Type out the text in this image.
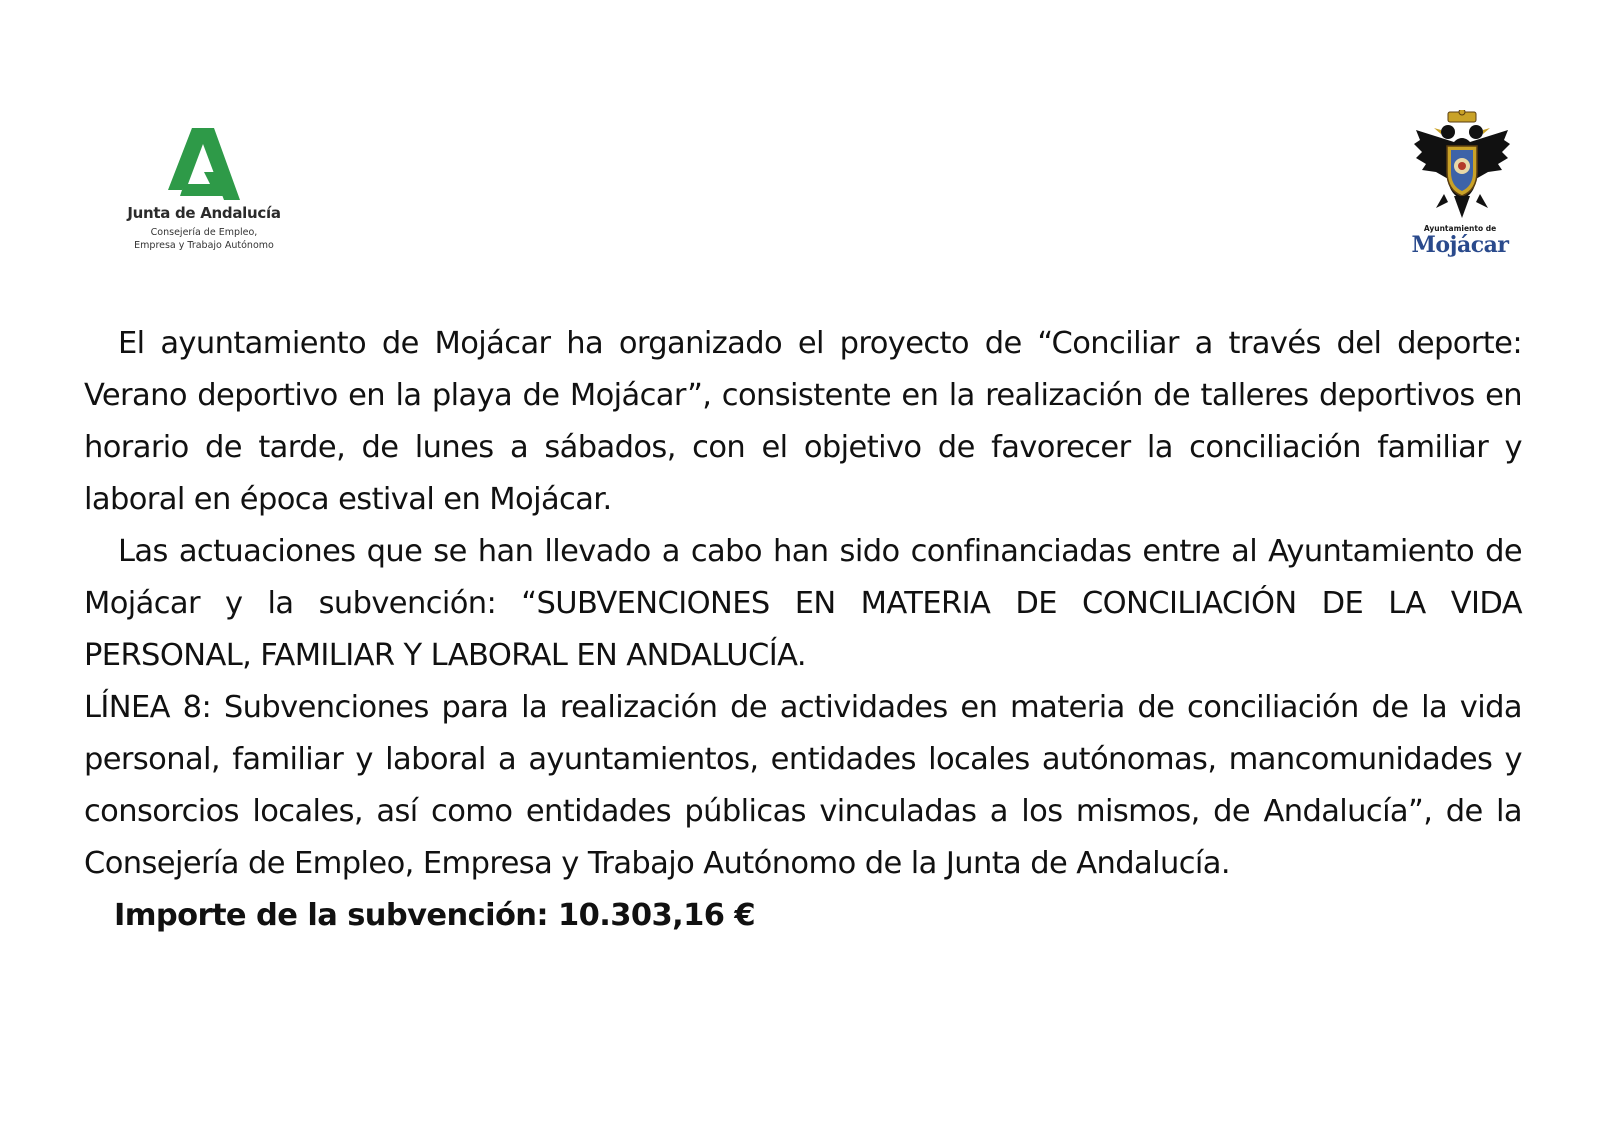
Junta de Andalucía
Consejería de Empleo,
Empresa y Trabajo Autónomo
Ayuntamiento de
Mojácar

El ayuntamiento de Mojácar ha organizado el proyecto de “Conciliar a través del deporte: Verano deportivo en la playa de Mojácar”, consistente en la realización de talleres deportivos en horario de tarde, de lunes a sábados, con el objetivo de favorecer la conciliación familiar y laboral en época estival en Mojácar.

Las actuaciones que se han llevado a cabo han sido confinanciadas entre al Ayuntamiento de Mojácar y la subvención: “SUBVENCIONES EN MATERIA DE CONCILIACIÓN DE LA VIDA PERSONAL, FAMILIAR Y LABORAL EN ANDALUCÍA.

LÍNEA 8: Subvenciones para la realización de actividades en materia de conciliación de la vida personal, familiar y laboral a ayuntamientos, entidades locales autónomas, mancomunidades y consorcios locales, así como entidades públicas vinculadas a los mismos, de Andalucía”, de la Consejería de Empleo, Empresa y Trabajo Autónomo de la Junta de Andalucía.

Importe de la subvención: 10.303,16 €
